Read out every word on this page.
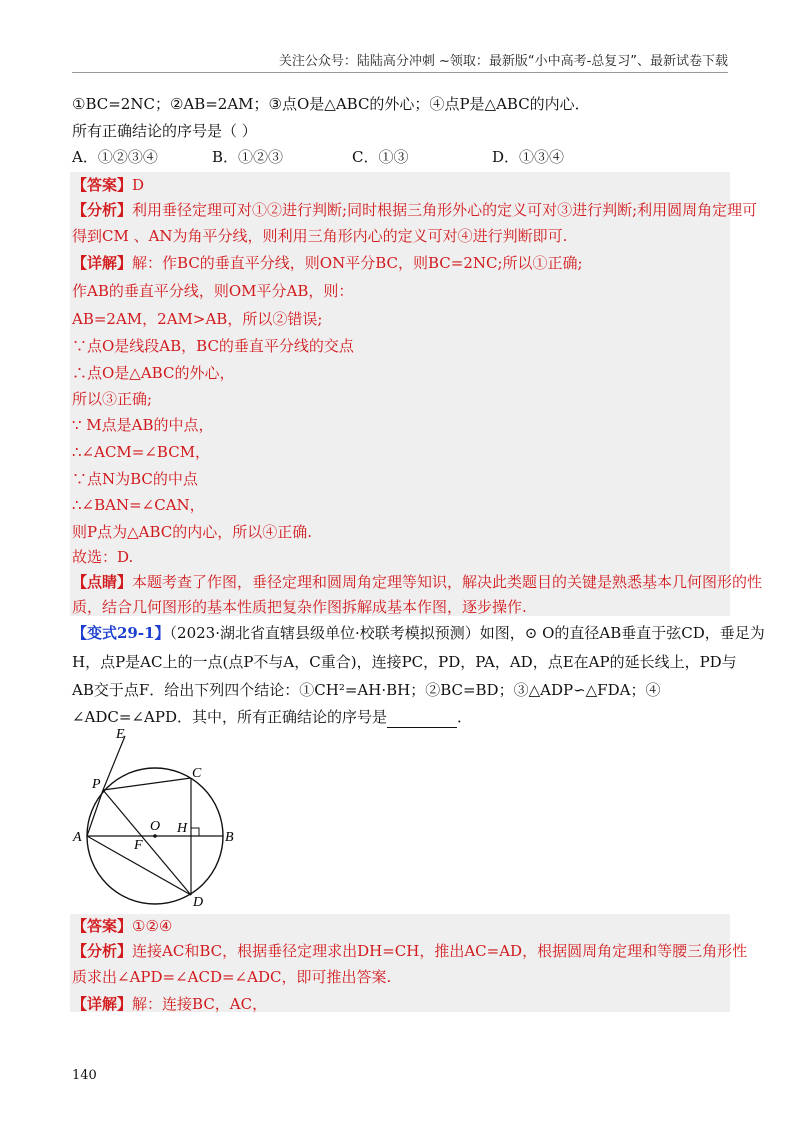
关注公众号：陆陆高分冲刺 ~领取：最新版“小中高考-总复习”、最新试卷下载
①BC=2NC；②AB=2AM；③点O是△ABC的外心；④点P是△ABC的内心．
所有正确结论的序号是（ ）
A．①②③④	B．①②③	C．①③	D．①③④
【答案】D
【分析】利用垂径定理可对①②进行判断;同时根据三角形外心的定义可对③进行判断;利用圆周角定理可
得到CM 、AN为角平分线，则利用三角形内心的定义可对④进行判断即可.
【详解】解：作BC的垂直平分线，则ON平分BC，则BC=2NC;所以①正确;
作AB的垂直平分线，则OM平分AB，则：
AB=2AM，2AM>AB，所以②错误;
∵点O是线段AB，BC的垂直平分线的交点
∴点O是△ABC的外心，
所以③正确;
∵ M点是AB的中点，
∴∠ACM=∠BCM，
∵点N为BC的中点
∴∠BAN=∠CAN，
则P点为△ABC的内心，所以④正确.
故选：D.
【点睛】本题考查了作图，垂径定理和圆周角定理等知识，解决此类题目的关键是熟悉基本几何图形的性
质，结合几何图形的基本性质把复杂作图拆解成基本作图，逐步操作.
【变式29-1】（2023·湖北省直辖县级单位·校联考模拟预测）如图，⊙ O的直径AB垂直于弦CD，垂足为
H，点P是AC上的一点(点P不与A，C重合)，连接PC，PD，PA，AD，点E在AP的延长线上，PD与
AB交于点F．给出下列四个结论：①CH²=AH·BH；②BC=BD；③△ADP∽△FDA；④
∠ADC=∠APD．其中，所有正确结论的序号是	．
E
P
C
O H
A
F
B
D
【答案】①②④
【分析】连接AC和BC，根据垂径定理求出DH=CH，推出AC=AD，根据圆周角定理和等腰三角形性
质求出∠APD=∠ACD=∠ADC，即可推出答案.
【详解】解：连接BC，AC，
140
